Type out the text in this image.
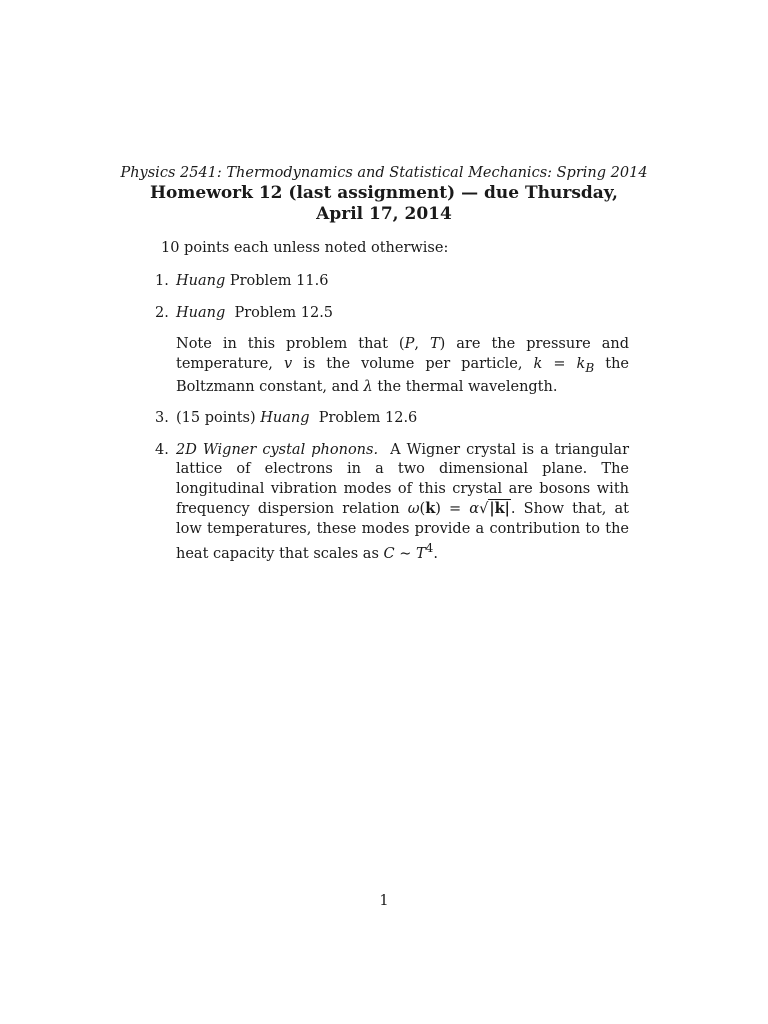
Physics 2541: Thermodynamics and Statistical Mechanics: Spring 2014
Homework 12 (last assignment) — due Thursday,
April 17, 2014
10 points each unless noted otherwise:
1. Huang Problem 11.6

2. Huang Problem 12.5

Note in this problem that (P, T) are the pressure and temperature, v is the volume per particle, $k = k_B$ the Boltzmann constant, and λ the thermal wavelength.

3. (15 points) Huang Problem 12.6

4. 2D Wigner cystal phonons. A Wigner crystal is a triangular lattice of electrons in a two dimensional plane. The longitudinal vibration modes of this crystal are bosons with frequency dispersion relation ω(k) = α√|k|. Show that, at low temperatures, these modes provide a contribution to the heat capacity that scales as C ∼ $T^4$.

1
